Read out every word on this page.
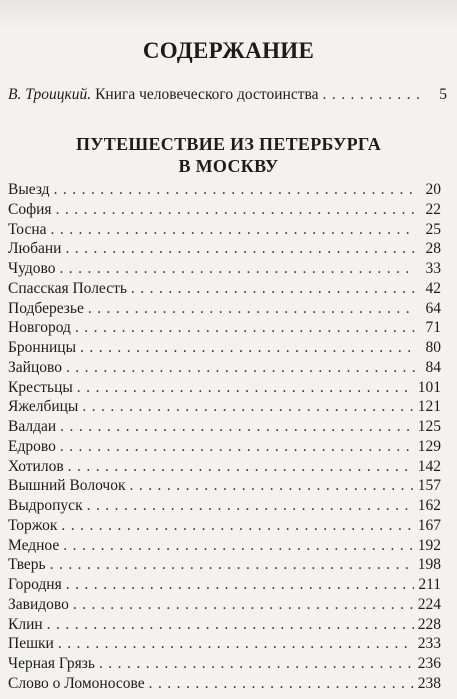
СОДЕРЖАНИЕ
В. Троицкий. Книга человеческого достоинства . . .	5
ПУТЕШЕСТВИЕ ИЗ ПЕТЕРБУРГА
В МОСКВУ
Выезд . . .	20
София . . .	22
Тосна . . .	25
Любани . . .	28
Чудово . . .	33
Спасская Полесть . . .	42
Подберезье . . .	64
Новгород . . .	71
Бронницы . . .	80
Зайцово . . .	84
Крестьцы . . .	101
Яжелбицы . . .	121
Валдаи . . .	125
Едрово . . .	129
Хотилов . . .	142
Вышний Волочок . . .	157
Выдропуск . . .	162
Торжок . . .	167
Медное . . .	192
Тверь . . .	198
Городня . . .	211
Завидово . . .	224
Клин . . .	228
Пешки . . .	233
Черная Грязь . . .	236
Слово о Ломоносове . . .	238
